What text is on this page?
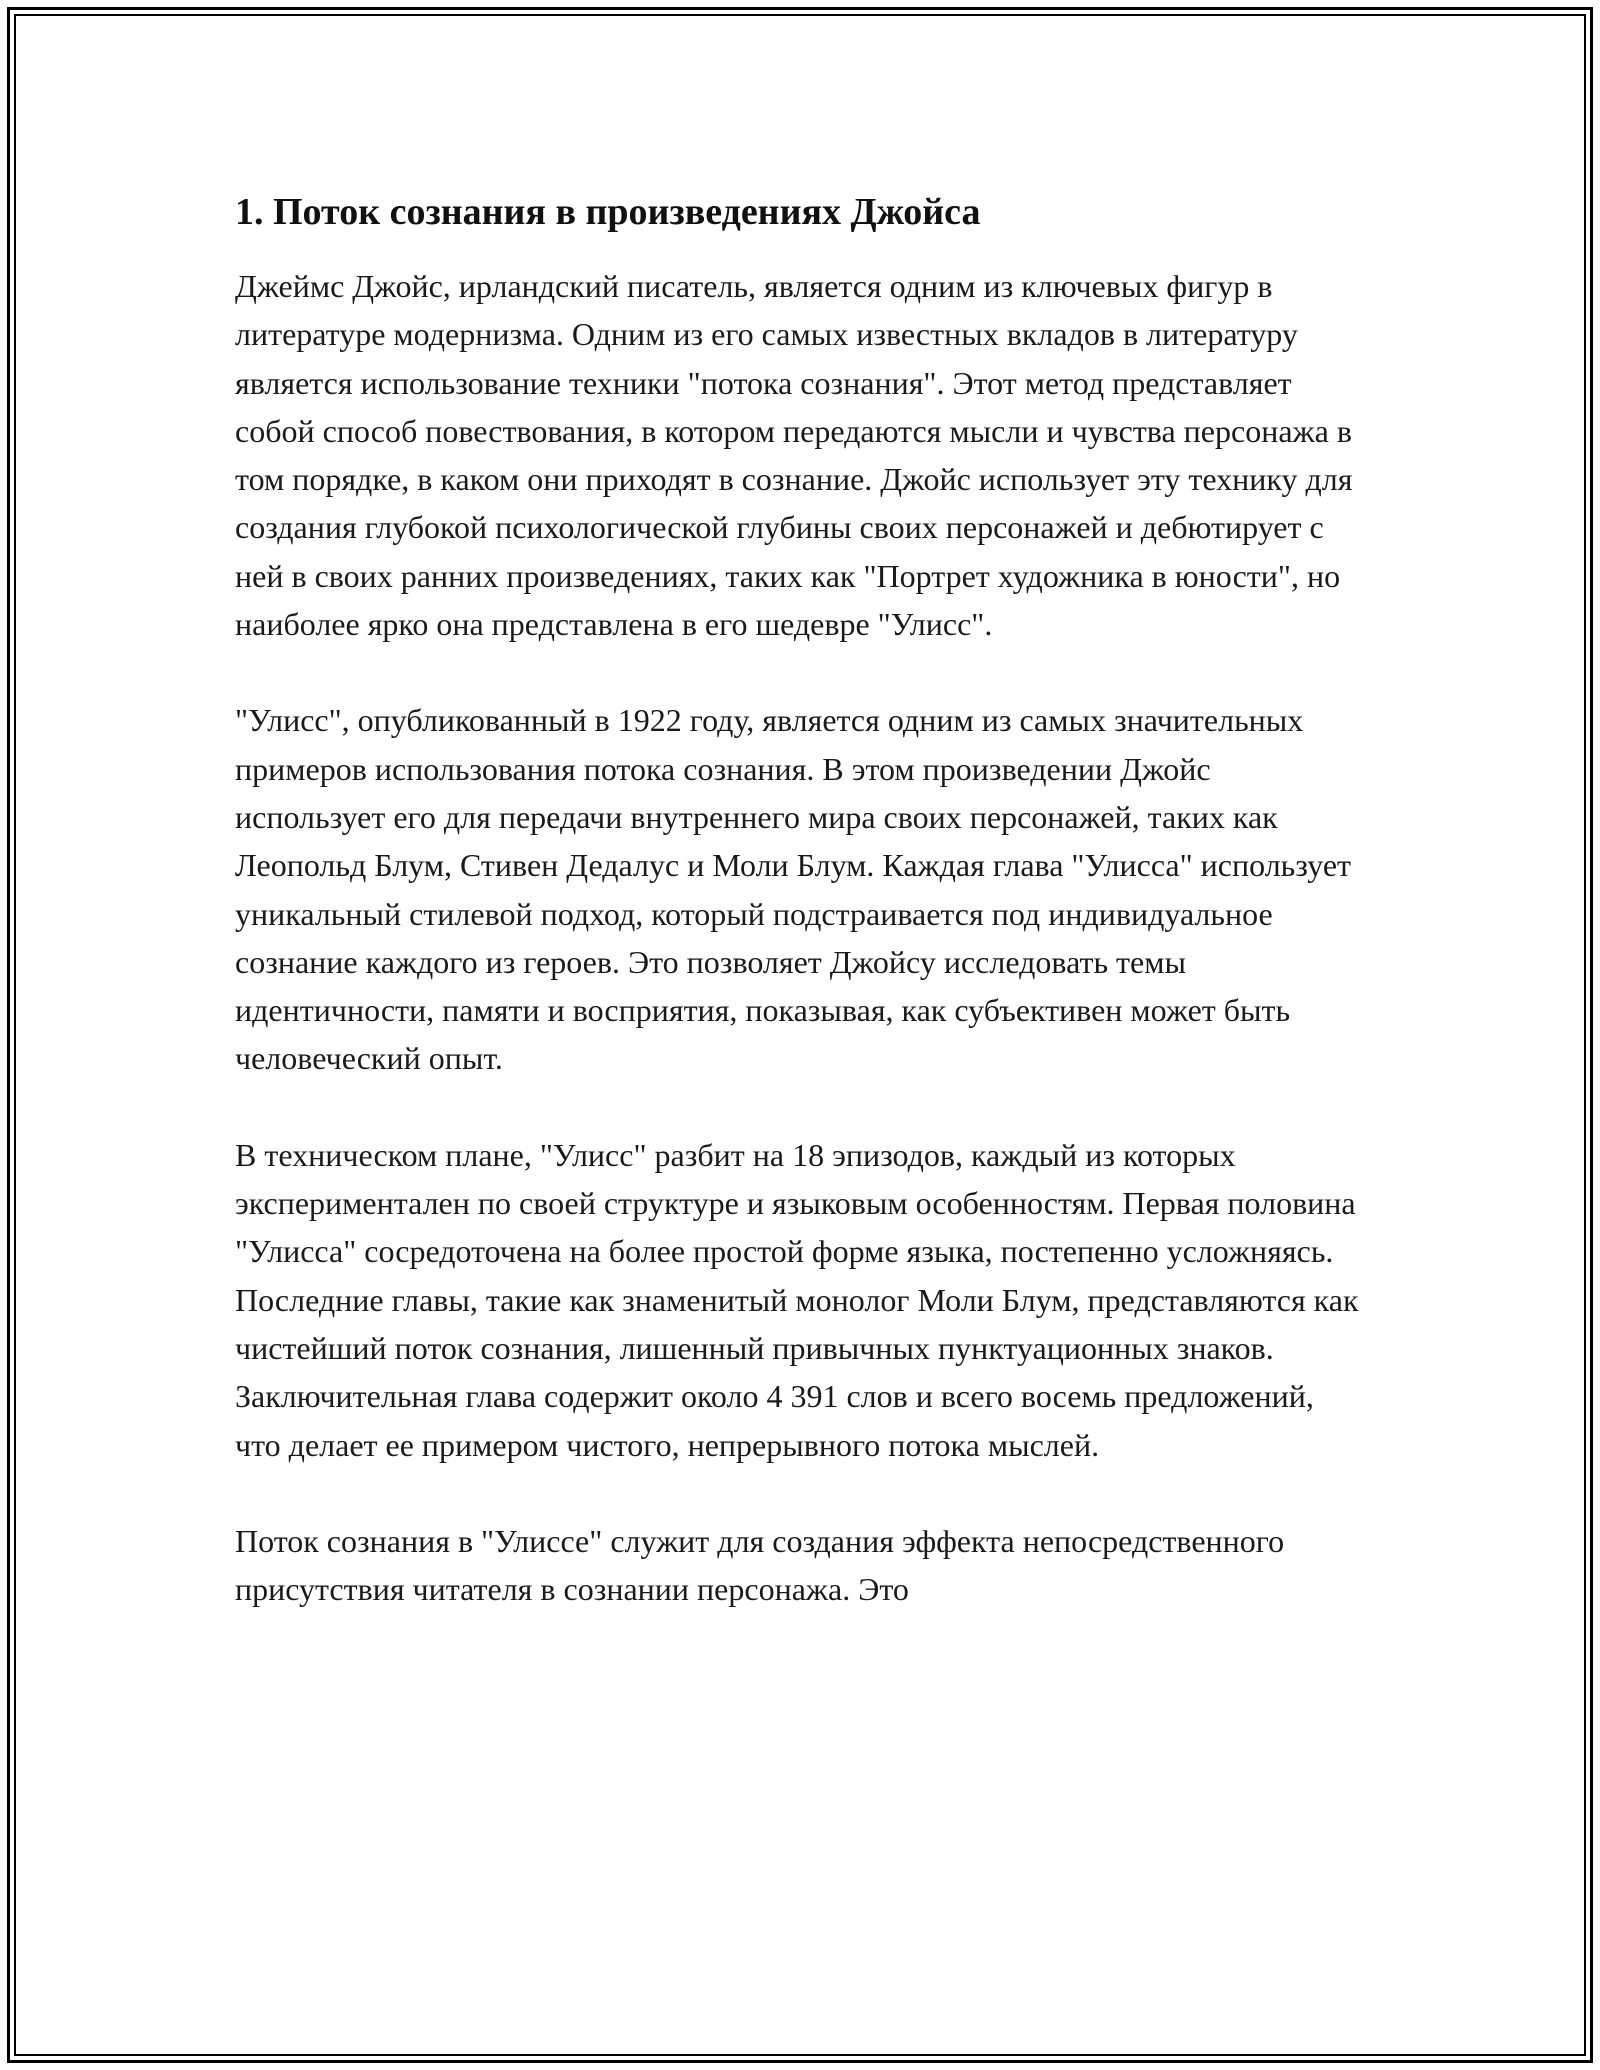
1. Поток сознания в произведениях Джойса

Джеймс Джойс, ирландский писатель, является одним из ключевых фигур в литературе модернизма. Одним из его самых известных вкладов в литературу является использование техники "потока сознания". Этот метод представляет собой способ повествования, в котором передаются мысли и чувства персонажа в том порядке, в каком они приходят в сознание. Джойс использует эту технику для создания глубокой психологической глубины своих персонажей и дебютирует с ней в своих ранних произведениях, таких как "Портрет художника в юности", но наиболее ярко она представлена в его шедевре "Улисс".

"Улисс", опубликованный в 1922 году, является одним из самых значительных примеров использования потока сознания. В этом произведении Джойс использует его для передачи внутреннего мира своих персонажей, таких как Леопольд Блум, Стивен Дедалус и Моли Блум. Каждая глава "Улисса" использует уникальный стилевой подход, который подстраивается под индивидуальное сознание каждого из героев. Это позволяет Джойсу исследовать темы идентичности, памяти и восприятия, показывая, как субъективен может быть человеческий опыт.

В техническом плане, "Улисс" разбит на 18 эпизодов, каждый из которых экспериментален по своей структуре и языковым особенностям. Первая половина "Улисса" сосредоточена на более простой форме языка, постепенно усложняясь. Последние главы, такие как знаменитый монолог Моли Блум, представляются как чистейший поток сознания, лишенный привычных пунктуационных знаков. Заключительная глава содержит около 4 391 слов и всего восемь предложений, что делает ее примером чистого, непрерывного потока мыслей.

Поток сознания в "Улиссе" служит для создания эффекта непосредственного присутствия читателя в сознании персонажа. Это
